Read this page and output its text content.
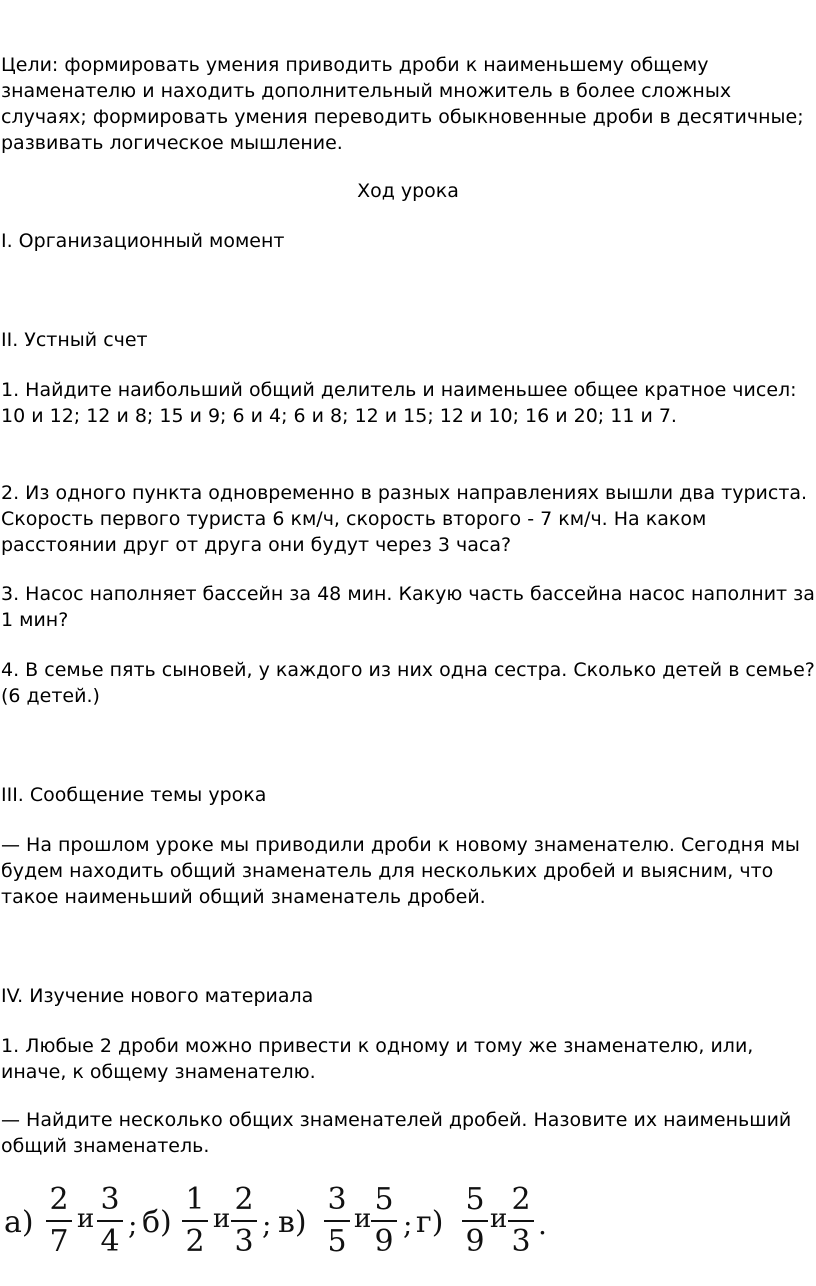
Цели: формировать умения приводить дроби к наименьшему общему знаменателю и находить дополнительный множитель в более сложных случаях; формировать умения переводить обыкновенные дроби в десятичные; развивать логическое мышление.

Ход урока

I. Организационный момент

II. Устный счет

1. Найдите наибольший общий делитель и наименьшее общее кратное чисел: 10 и 12; 12 и 8; 15 и 9; 6 и 4; 6 и 8; 12 и 15; 12 и 10; 16 и 20; 11 и 7.

2. Из одного пункта одновременно в разных направлениях вышли два туриста. Скорость первого туриста 6 км/ч, скорость второго - 7 км/ч. На каком расстоянии друг от друга они будут через 3 часа?

3. Насос наполняет бассейн за 48 мин. Какую часть бассейна насос наполнит за 1 мин?

4. В семье пять сыновей, у каждого из них одна сестра. Сколько детей в семье? (6 детей.)

III. Сообщение темы урока

— На прошлом уроке мы приводили дроби к новому знаменателю. Сегодня мы будем находить общий знаменатель для нескольких дробей и выясним, что такое наименьший общий знаменатель дробей.

IV. Изучение нового материала

1. Любые 2 дроби можно привести к одному и тому же знаменателю, или, иначе, к общему знаменателю.

— Найдите несколько общих знаменателей дробей. Назовите их наименьший общий знаменатель.

а)
2
7
и
3
4 ; б)
1
2
и
2
3 ; в)
3
5
и
5
9 ; г)
5
9
и
2
3 .
